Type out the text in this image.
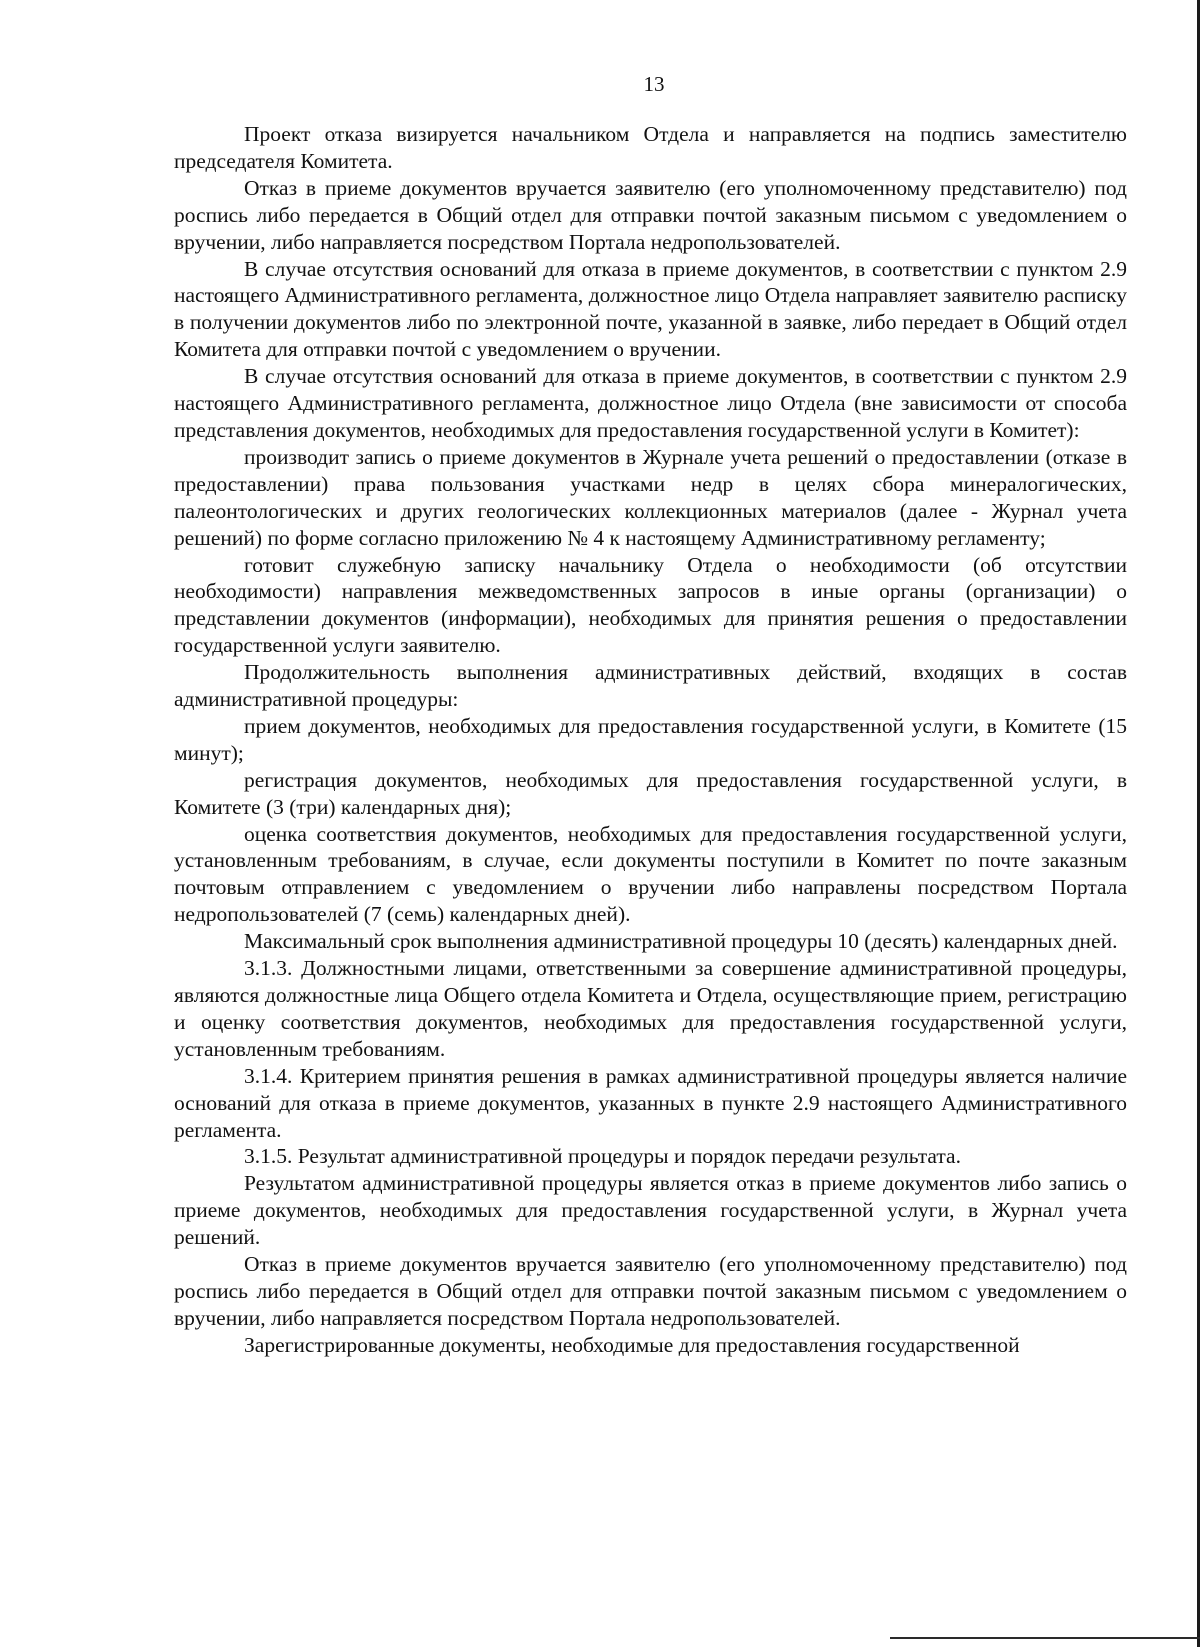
13

Проект отказа визируется начальником Отдела и направляется на подпись заместителю председателя Комитета.

Отказ в приеме документов вручается заявителю (его уполномоченному представителю) под роспись либо передается в Общий отдел для отправки почтой заказным письмом с уведомлением о вручении, либо направляется посредством Портала недропользователей.

В случае отсутствия оснований для отказа в приеме документов, в соответствии с пунктом 2.9 настоящего Административного регламента, должностное лицо Отдела направляет заявителю расписку в получении документов либо по электронной почте, указанной в заявке, либо передает в Общий отдел Комитета для отправки почтой с уведомлением о вручении.

В случае отсутствия оснований для отказа в приеме документов, в соответствии с пунктом 2.9 настоящего Административного регламента, должностное лицо Отдела (вне зависимости от способа представления документов, необходимых для предоставления государственной услуги в Комитет):

производит запись о приеме документов в Журнале учета решений о предоставлении (отказе в предоставлении) права пользования участками недр в целях сбора минералогических, палеонтологических и других геологических коллекционных материалов (далее - Журнал учета решений) по форме согласно приложению № 4 к настоящему Административному регламенту;

готовит служебную записку начальнику Отдела о необходимости (об отсутствии необходимости) направления межведомственных запросов в иные органы (организации) о представлении документов (информации), необходимых для принятия решения о предоставлении государственной услуги заявителю.

Продолжительность выполнения административных действий, входящих в состав административной процедуры:

прием документов, необходимых для предоставления государственной услуги, в Комитете (15 минут);

регистрация документов, необходимых для предоставления государственной услуги, в Комитете (3 (три) календарных дня);

оценка соответствия документов, необходимых для предоставления государственной услуги, установленным требованиям, в случае, если документы поступили в Комитет по почте заказным почтовым отправлением с уведомлением о вручении либо направлены посредством Портала недропользователей (7 (семь) календарных дней).

Максимальный срок выполнения административной процедуры 10 (десять) календарных дней.

3.1.3. Должностными лицами, ответственными за совершение административной процедуры, являются должностные лица Общего отдела Комитета и Отдела, осуществляющие прием, регистрацию и оценку соответствия документов, необходимых для предоставления государственной услуги, установленным требованиям.

3.1.4. Критерием принятия решения в рамках административной процедуры является наличие оснований для отказа в приеме документов, указанных в пункте 2.9 настоящего Административного регламента.

3.1.5. Результат административной процедуры и порядок передачи результата.

Результатом административной процедуры является отказ в приеме документов либо запись о приеме документов, необходимых для предоставления государственной услуги, в Журнал учета решений.

Отказ в приеме документов вручается заявителю (его уполномоченному представителю) под роспись либо передается в Общий отдел для отправки почтой заказным письмом с уведомлением о вручении, либо направляется посредством Портала недропользователей.

Зарегистрированные документы, необходимые для предоставления государственной
